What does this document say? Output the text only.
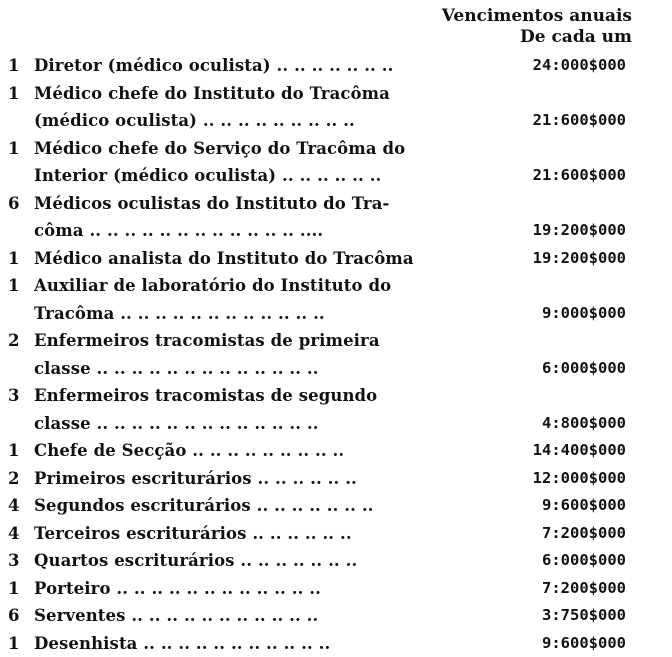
Vencimentos anuais
De cada um
1 Diretor (médico oculista) .. .. .. .. .. .. ..	24:000$000
1 Médico chefe do Instituto do Tracôma
(médico oculista) .. .. .. .. .. .. .. .. ..	21:600$000
1 Médico chefe do Serviço do Tracôma do
Interior (médico oculista) .. .. .. .. .. ..	21:600$000
6 Médicos oculistas do Instituto do Tra-
côma .. .. .. .. .. .. .. .. .. .. .. .. ....	19:200$000
1 Médico analista do Instituto do Tracôma	19:200$000
1 Auxiliar de laboratório do Instituto do
Tracôma .. .. .. .. .. .. .. .. .. .. .. ..	9:000$000
2 Enfermeiros tracomistas de primeira
classe .. .. .. .. .. .. .. .. .. .. .. .. ..	6:000$000
3 Enfermeiros tracomistas de segundo
classe .. .. .. .. .. .. .. .. .. .. .. .. ..	4:800$000
1 Chefe de Secção .. .. .. .. .. .. .. .. ..	14:400$000
2 Primeiros escriturários .. .. .. .. .. ..	12:000$000
4 Segundos escriturários .. .. .. .. .. .. ..	9:600$000
4 Terceiros escriturários .. .. .. .. .. ..	7:200$000
3 Quartos escriturários .. .. .. .. .. .. ..	6:000$000
1 Porteiro .. .. .. .. .. .. .. .. .. .. .. ..	7:200$000
6 Serventes .. .. .. .. .. .. .. .. .. .. ..	3:750$000
1 Desenhista .. .. .. .. .. .. .. .. .. .. ..	9:600$000
